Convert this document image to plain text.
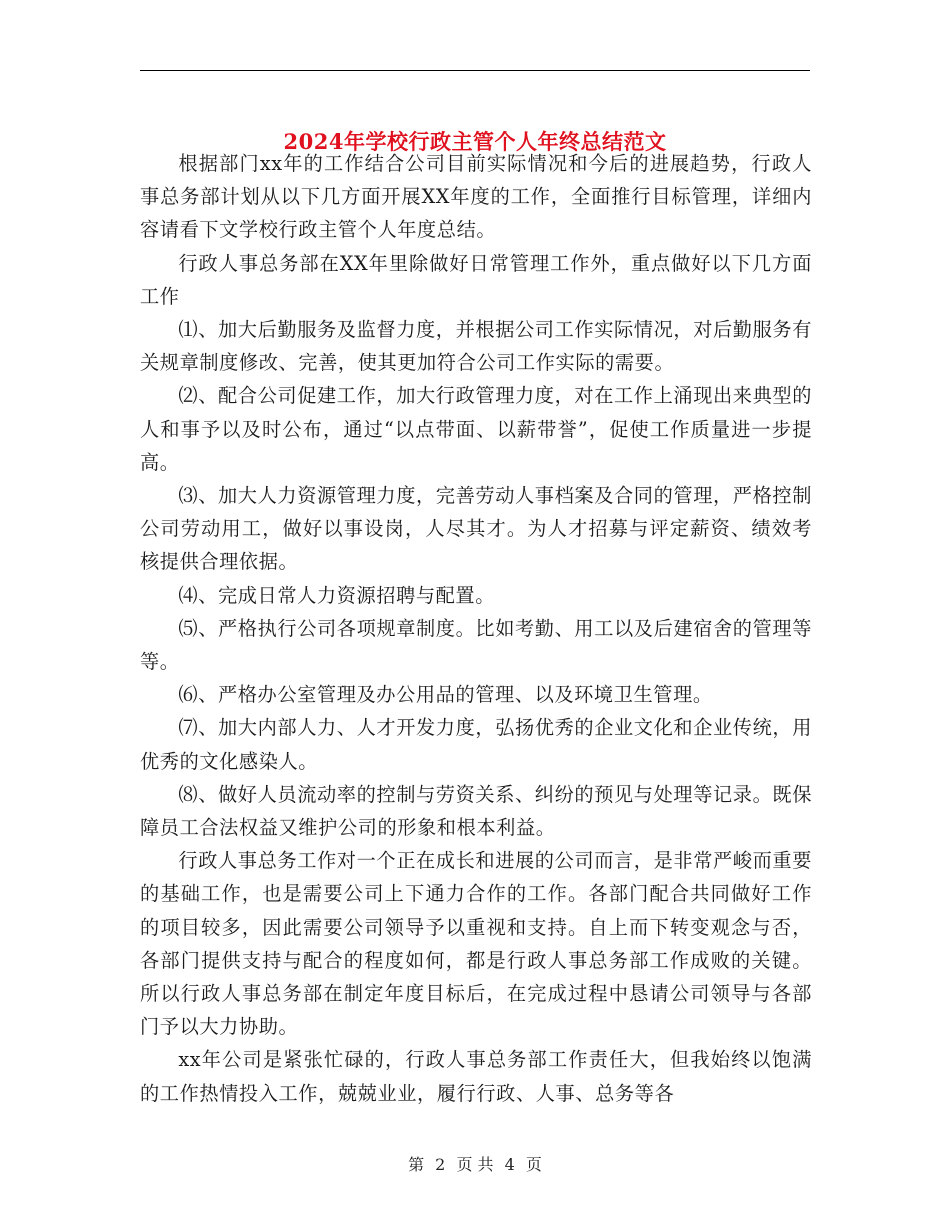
2024年学校行政主管个人年终总结范文

根据部门xx年的工作结合公司目前实际情况和今后的进展趋势，行政人事总务部计划从以下几方面开展XX年度的工作，全面推行目标管理，详细内容请看下文学校行政主管个人年度总结。

行政人事总务部在XX年里除做好日常管理工作外，重点做好以下几方面工作

⑴、加大后勤服务及监督力度，并根据公司工作实际情况，对后勤服务有关规章制度修改、完善，使其更加符合公司工作实际的需要。

⑵、配合公司促建工作，加大行政管理力度，对在工作上涌现出来典型的人和事予以及时公布，通过“以点带面、以薪带誉”，促使工作质量进一步提高。

⑶、加大人力资源管理力度，完善劳动人事档案及合同的管理，严格控制公司劳动用工，做好以事设岗，人尽其才。为人才招募与评定薪资、绩效考核提供合理依据。

⑷、完成日常人力资源招聘与配置。

⑸、严格执行公司各项规章制度。比如考勤、用工以及后建宿舍的管理等等。

⑹、严格办公室管理及办公用品的管理、以及环境卫生管理。

⑺、加大内部人力、人才开发力度，弘扬优秀的企业文化和企业传统，用优秀的文化感染人。

⑻、做好人员流动率的控制与劳资关系、纠纷的预见与处理等记录。既保障员工合法权益又维护公司的形象和根本利益。

行政人事总务工作对一个正在成长和进展的公司而言，是非常严峻而重要的基础工作，也是需要公司上下通力合作的工作。各部门配合共同做好工作的项目较多，因此需要公司领导予以重视和支持。自上而下转变观念与否，各部门提供支持与配合的程度如何，都是行政人事总务部工作成败的关键。所以行政人事总务部在制定年度目标后，在完成过程中恳请公司领导与各部门予以大力协助。

xx年公司是紧张忙碌的，行政人事总务部工作责任大，但我始终以饱满的工作热情投入工作，兢兢业业，履行行政、人事、总务等各

第 2 页 共 4 页
